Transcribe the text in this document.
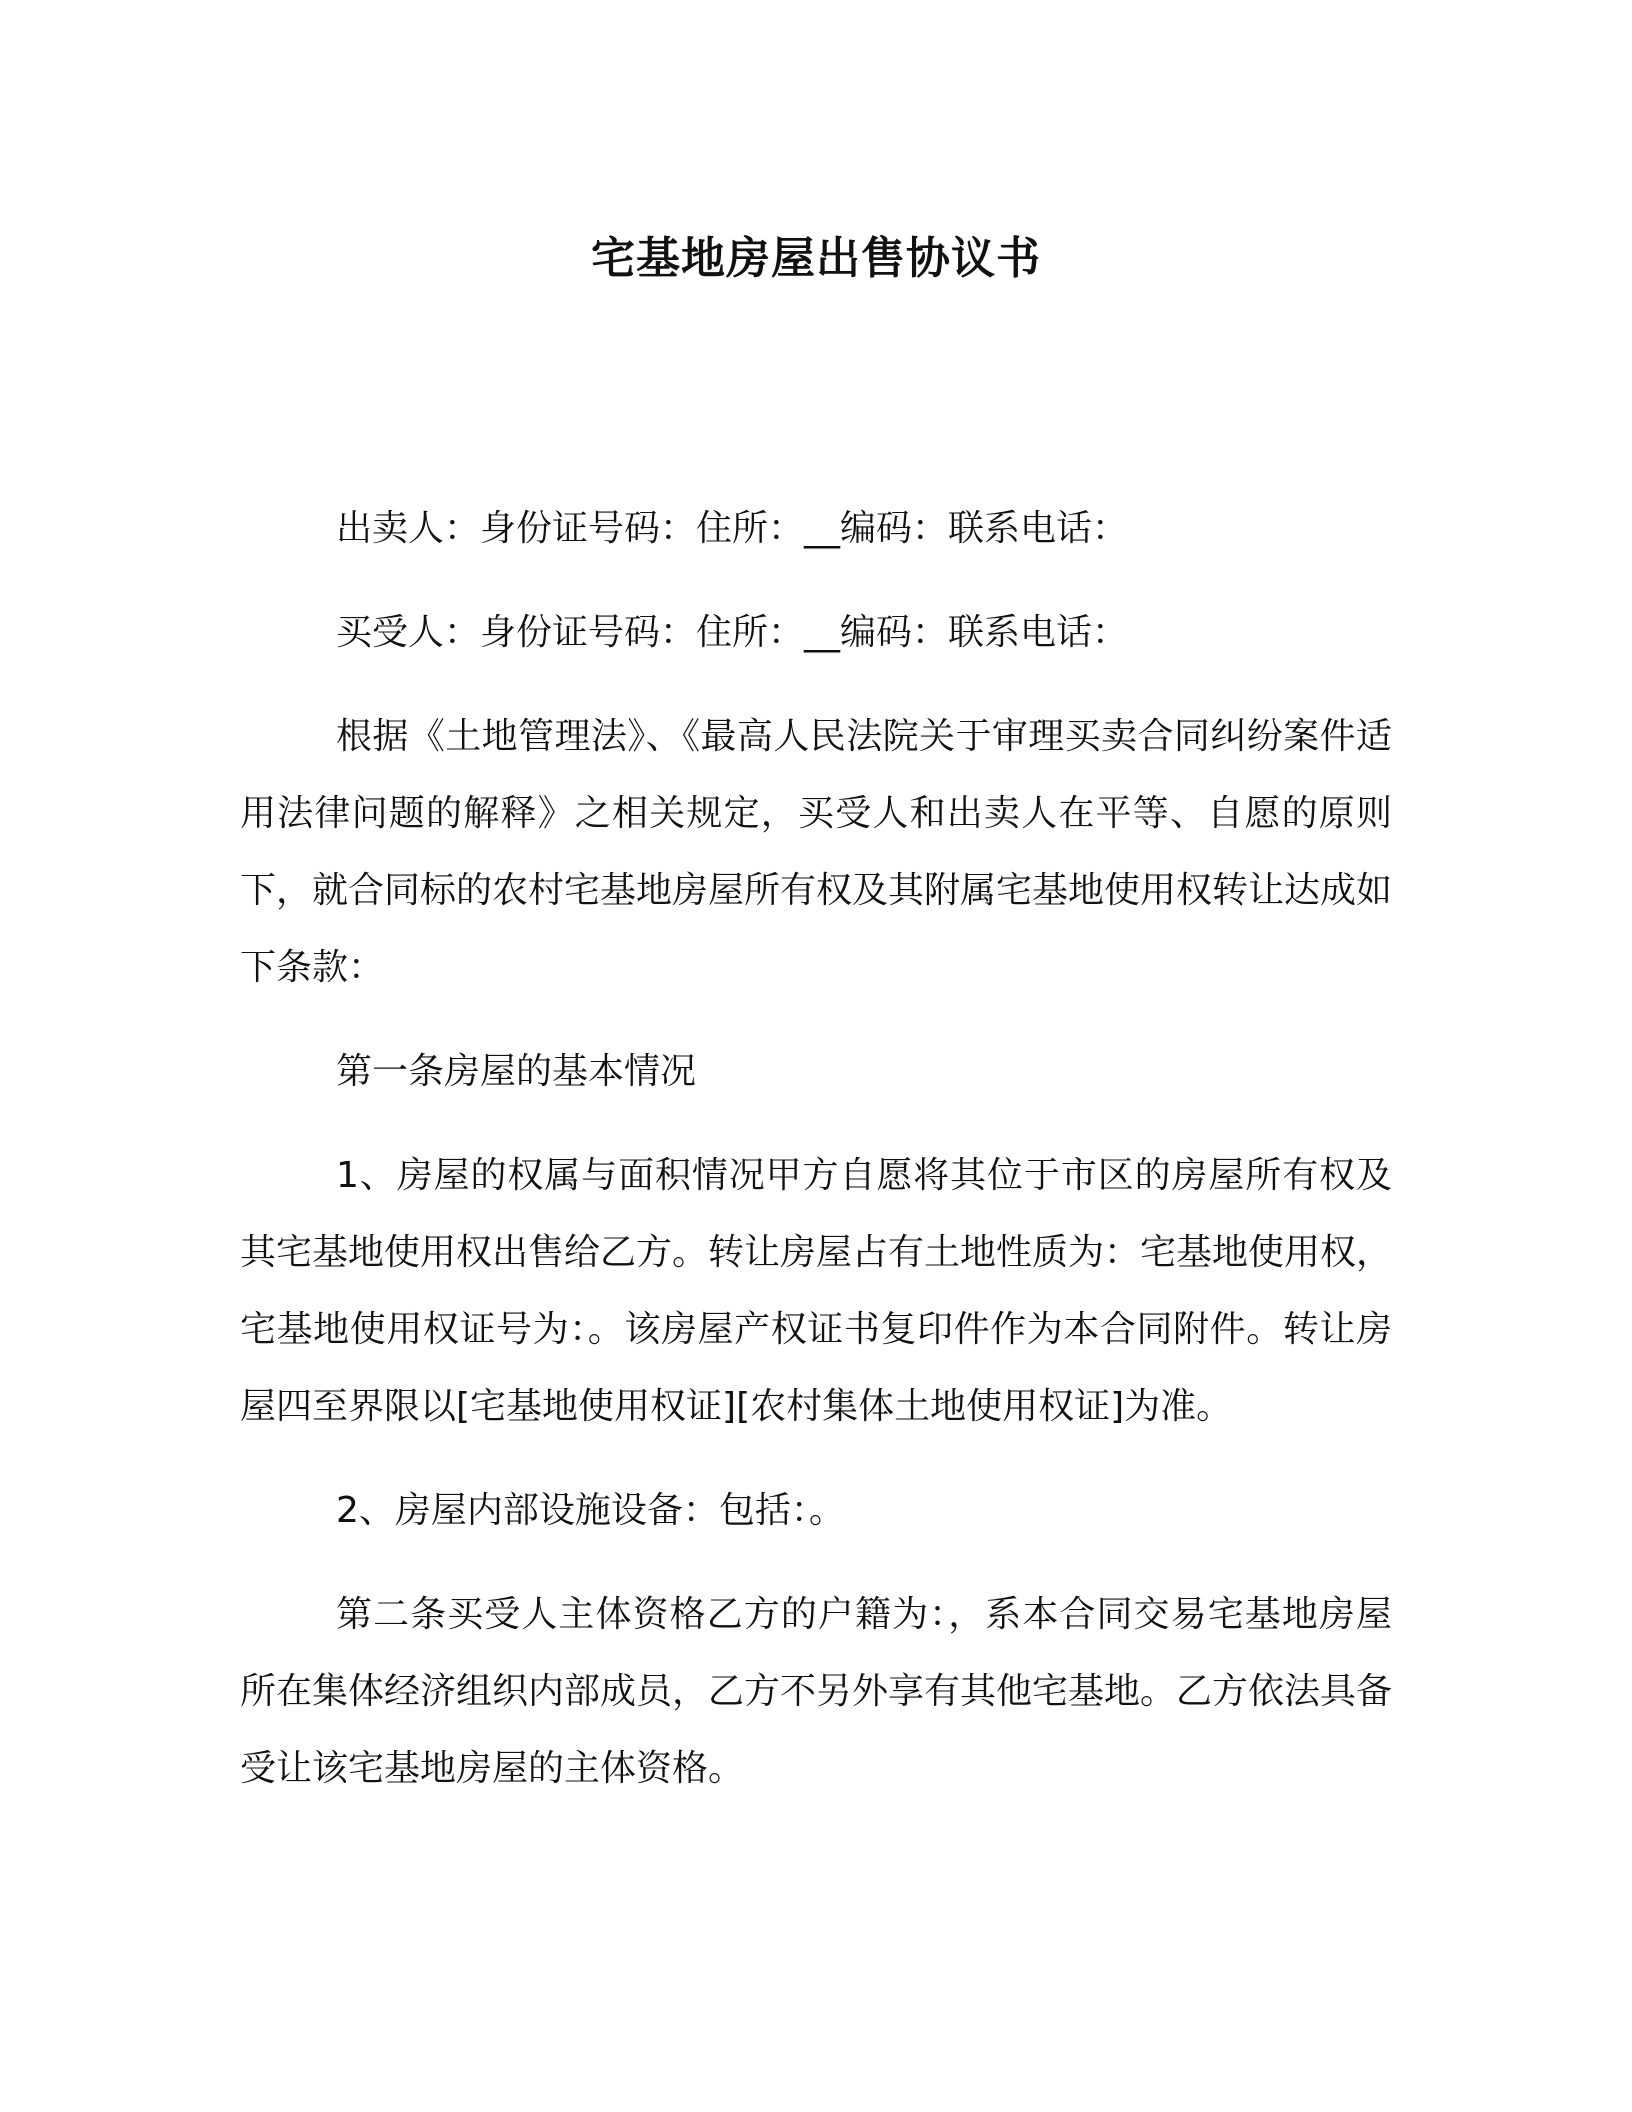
宅基地房屋出售协议书

出卖人：身份证号码：住所：__编码：联系电话：

买受人：身份证号码：住所：__编码：联系电话：

根据《土地管理法》、《最高人民法院关于审理买卖合同纠纷案件适用法律问题的解释》之相关规定，买受人和出卖人在平等、自愿的原则下，就合同标的农村宅基地房屋所有权及其附属宅基地使用权转让达成如下条款：

第一条房屋的基本情况

1、房屋的权属与面积情况甲方自愿将其位于市区的房屋所有权及其宅基地使用权出售给乙方。转让房屋占有土地性质为：宅基地使用权，宅基地使用权证号为：。该房屋产权证书复印件作为本合同附件。转让房屋四至界限以[宅基地使用权证][农村集体土地使用权证]为准。

2、房屋内部设施设备：包括：。

第二条买受人主体资格乙方的户籍为：，系本合同交易宅基地房屋所在集体经济组织内部成员，乙方不另外享有其他宅基地。乙方依法具备受让该宅基地房屋的主体资格。
